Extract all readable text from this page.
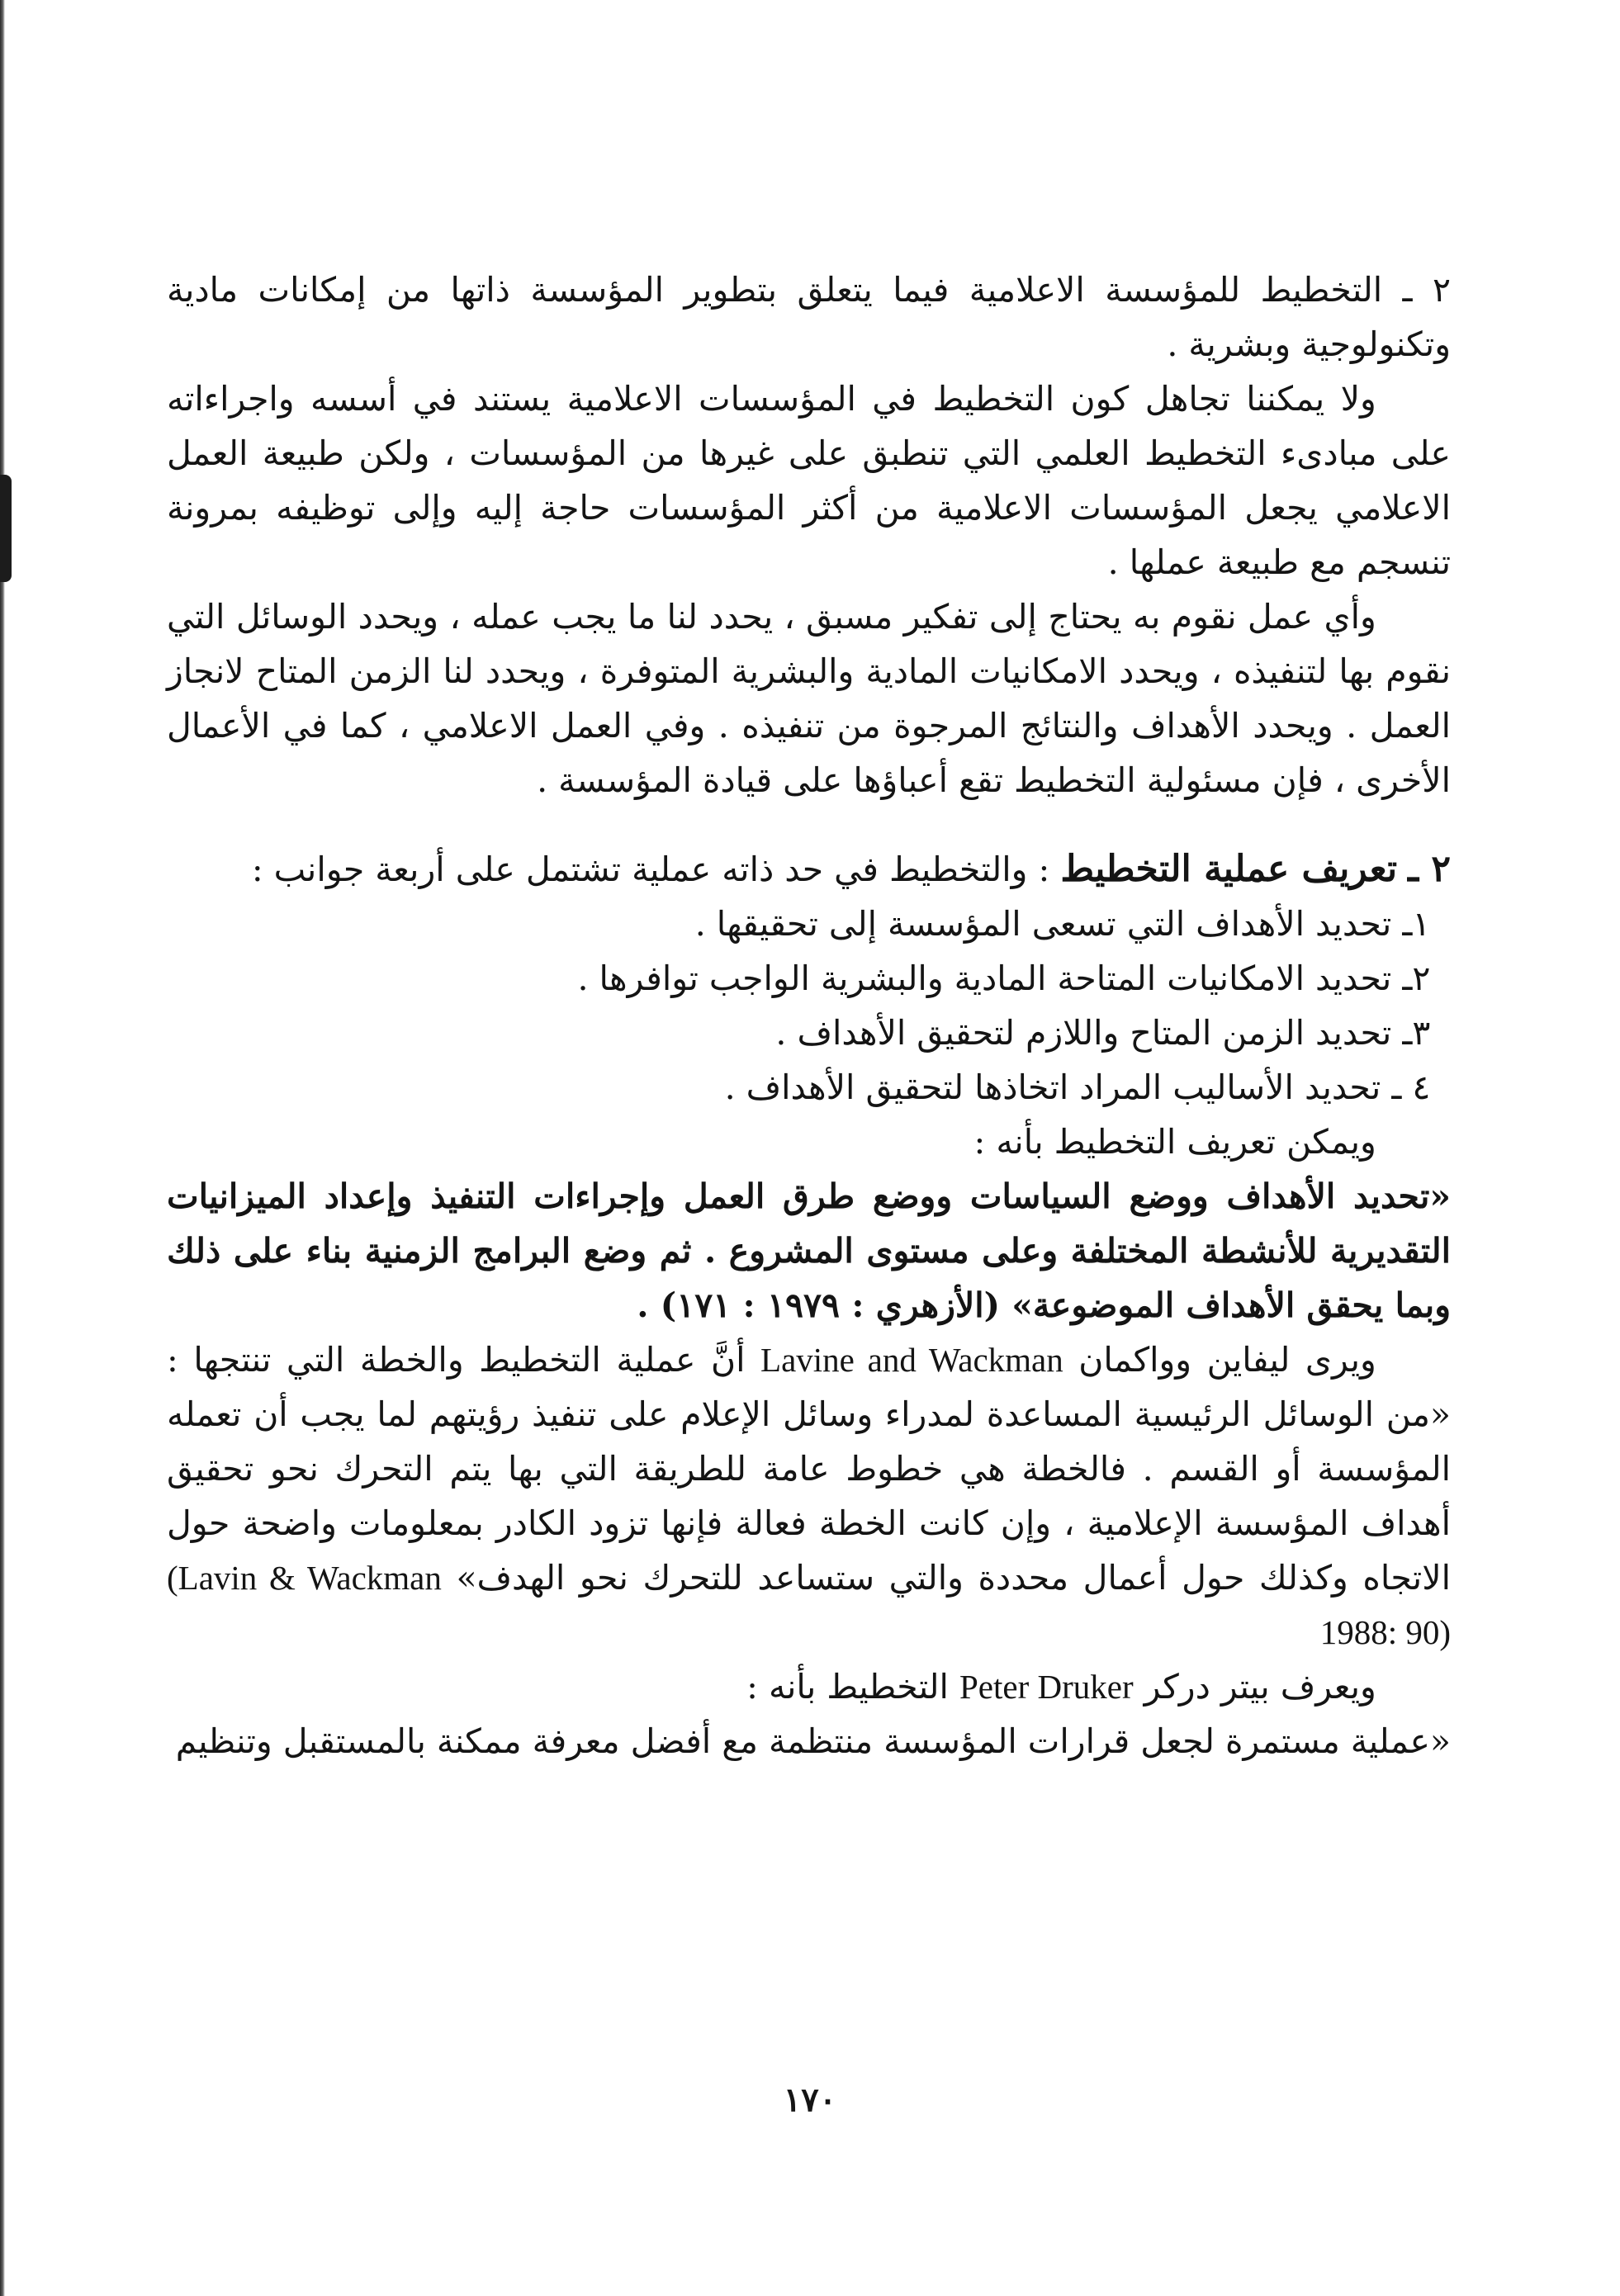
٢ ـ التخطيط للمؤسسة الاعلامية فيما يتعلق بتطوير المؤسسة ذاتها من إمكانات مادية وتكنولوجية وبشرية .

ولا يمكننا تجاهل كون التخطيط في المؤسسات الاعلامية يستند في أسسه واجراءاته على مبادىء التخطيط العلمي التي تنطبق على غيرها من المؤسسات ، ولكن طبيعة العمل الاعلامي يجعل المؤسسات الاعلامية من أكثر المؤسسات حاجة إليه وإلى توظيفه بمرونة تنسجم مع طبيعة عملها .

وأي عمل نقوم به يحتاج إلى تفكير مسبق ، يحدد لنا ما يجب عمله ، ويحدد الوسائل التي نقوم بها لتنفيذه ، ويحدد الامكانيات المادية والبشرية المتوفرة ، ويحدد لنا الزمن المتاح لانجاز العمل . ويحدد الأهداف والنتائج المرجوة من تنفيذه . وفي العمل الاعلامي ، كما في الأعمال الأخرى ، فإن مسئولية التخطيط تقع أعباؤها على قيادة المؤسسة .

٢ ـ تعريف عملية التخطيط : والتخطيط في حد ذاته عملية تشتمل على أربعة جوانب :

١ـ تحديد الأهداف التي تسعى المؤسسة إلى تحقيقها .

٢ـ تحديد الامكانيات المتاحة المادية والبشرية الواجب توافرها .

٣ـ تحديد الزمن المتاح واللازم لتحقيق الأهداف .

٤ ـ تحديد الأساليب المراد اتخاذها لتحقيق الأهداف .

ويمكن تعريف التخطيط بأنه :

«تحديد الأهداف ووضع السياسات ووضع طرق العمل وإجراءات التنفيذ وإعداد الميزانيات التقديرية للأنشطة المختلفة وعلى مستوى المشروع . ثم وضع البرامج الزمنية بناء على ذلك وبما يحقق الأهداف الموضوعة» (الأزهري : ١٩٧٩ : ١٧١) .

ويرى ليفاين وواكمان Lavine and Wackman أنَّ عملية التخطيط والخطة التي تنتجها : «من الوسائل الرئيسية المساعدة لمدراء وسائل الإعلام على تنفيذ رؤيتهم لما يجب أن تعمله المؤسسة أو القسم . فالخطة هي خطوط عامة للطريقة التي بها يتم التحرك نحو تحقيق أهداف المؤسسة الإعلامية ، وإن كانت الخطة فعالة فإنها تزود الكادر بمعلومات واضحة حول الاتجاه وكذلك حول أعمال محددة والتي ستساعد للتحرك نحو الهدف» (Lavin & Wackman 1988: 90)

ويعرف بيتر دركر Peter Druker التخطيط بأنه :

«عملية مستمرة لجعل قرارات المؤسسة منتظمة مع أفضل معرفة ممكنة بالمستقبل وتنظيم

١٧٠
